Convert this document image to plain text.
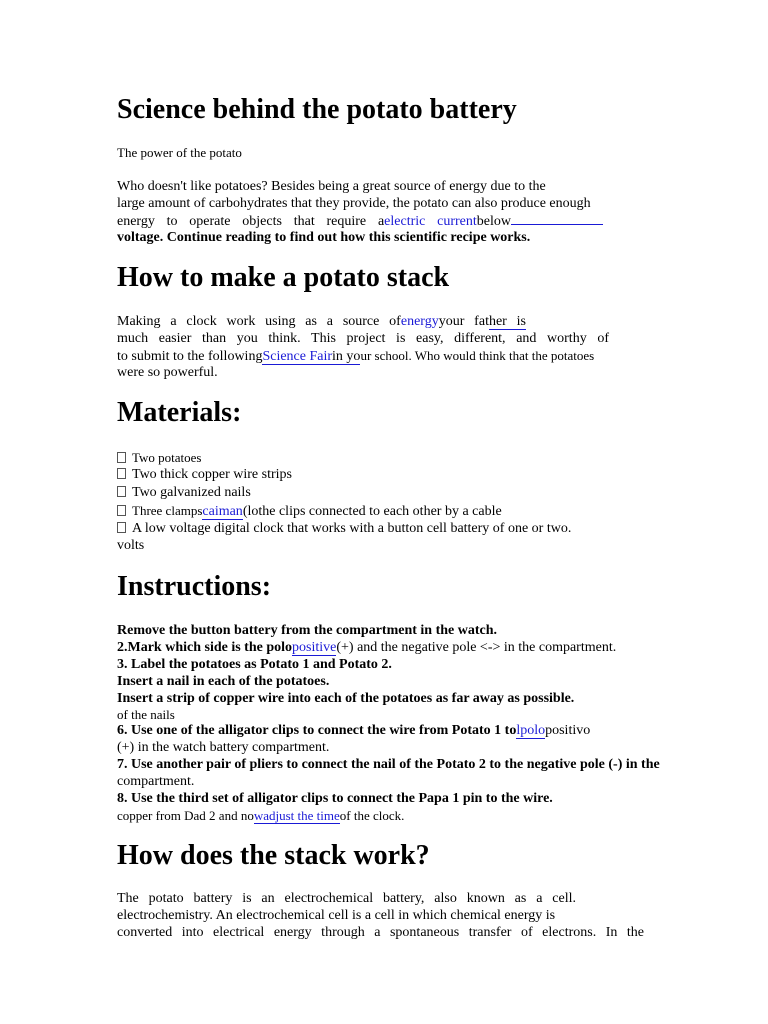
Science behind the potato battery
The power of the potato
Who doesn't like potatoes? Besides being a great source of energy due to the
large amount of carbohydrates that they provide, the potato can also produce enough
energy to operate objects that require aelectric currentbelow
voltage. Continue reading to find out how this scientific recipe works.
How to make a potato stack
Making a clock work using as a source ofenergyyour father is
much easier than you think. This project is easy, different, and worthy of
to submit to the followingScience Fairin your school. Who would think that the potatoes
were so powerful.
Materials:
Two potatoes
Two thick copper wire strips
Two galvanized nails
Three clampscaiman(lothe clips connected to each other by a cable
A low voltage digital clock that works with a button cell battery of one or two.
volts
Instructions:
Remove the button battery from the compartment in the watch.
2.Mark which side is the polopositive(+) and the negative pole <-> in the compartment.
3. Label the potatoes as Potato 1 and Potato 2.
Insert a nail in each of the potatoes.
Insert a strip of copper wire into each of the potatoes as far away as possible.
of the nails
6. Use one of the alligator clips to connect the wire from Potato 1 tolpolopositivo
(+) in the watch battery compartment.
7. Use another pair of pliers to connect the nail of the Potato 2 to the negative pole (-) in the
compartment.
8. Use the third set of alligator clips to connect the Papa 1 pin to the wire.
copper from Dad 2 and nowadjust the timeof the clock.
How does the stack work?
The potato battery is an electrochemical battery, also known as a cell.
electrochemistry. An electrochemical cell is a cell in which chemical energy is
converted into electrical energy through a spontaneous transfer of electrons. In the
